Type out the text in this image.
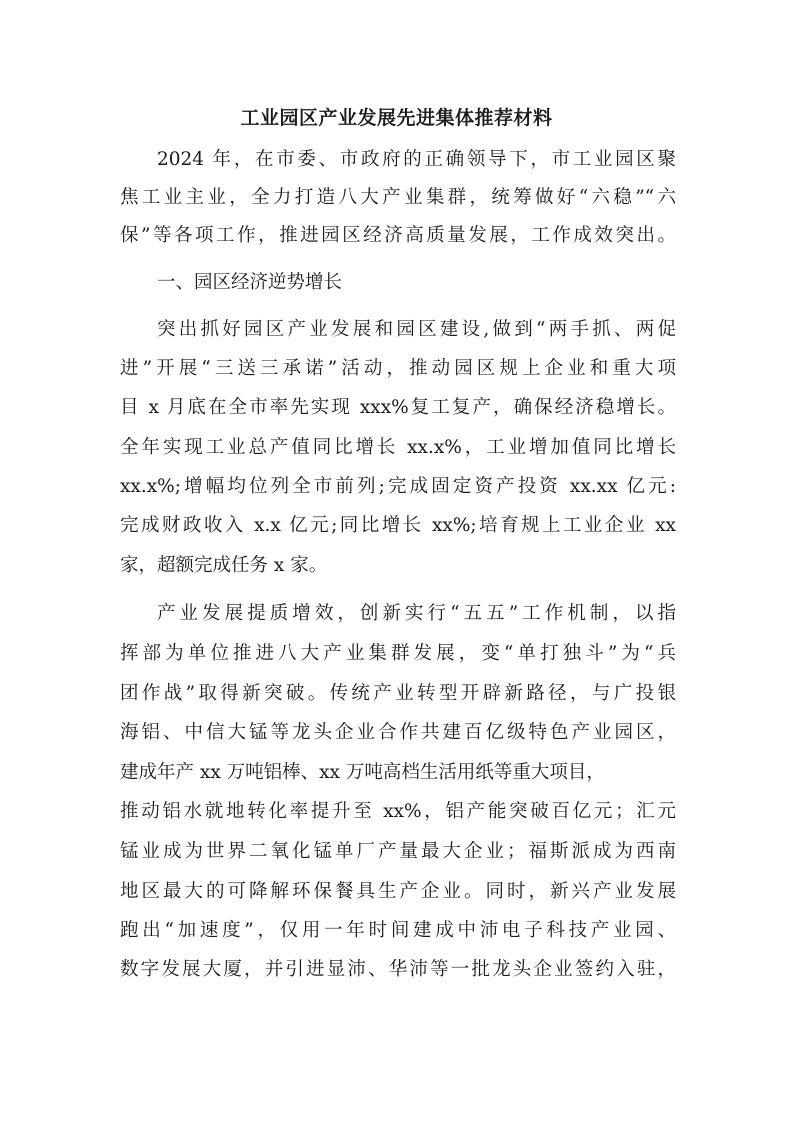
工业园区产业发展先进集体推荐材料

2024 年，在市委、市政府的正确领导下，市工业园区聚

焦工业主业，全力打造八大产业集群，统筹做好“六稳”“六

保”等各项工作，推进园区经济高质量发展，工作成效突出。

一、园区经济逆势增长

突出抓好园区产业发展和园区建设,做到“两手抓、两促

进”开展“三送三承诺”活动，推动园区规上企业和重大项

目 x 月底在全市率先实现 xxx%复工复产，确保经济稳增长。

全年实现工业总产值同比增长 xx.x%，工业增加值同比增长

xx.x%;增幅均位列全市前列;完成固定资产投资 xx.xx 亿元:

完成财政收入 x.x 亿元;同比增长 xx%;培育规上工业企业 xx

家，超额完成任务 x 家。

产业发展提质增效，创新实行“五五”工作机制，以指

挥部为单位推进八大产业集群发展，变“单打独斗”为“兵

团作战”取得新突破。传统产业转型开辟新路径，与广投银

海铝、中信大锰等龙头企业合作共建百亿级特色产业园区，

建成年产 xx 万吨铝棒、xx 万吨高档生活用纸等重大项目，

推动铝水就地转化率提升至 xx%，铝产能突破百亿元；汇元

锰业成为世界二氧化锰单厂产量最大企业；福斯派成为西南

地区最大的可降解环保餐具生产企业。同时，新兴产业发展

跑出“加速度”，仅用一年时间建成中沛电子科技产业园、

数字发展大厦，并引进显沛、华沛等一批龙头企业签约入驻，
